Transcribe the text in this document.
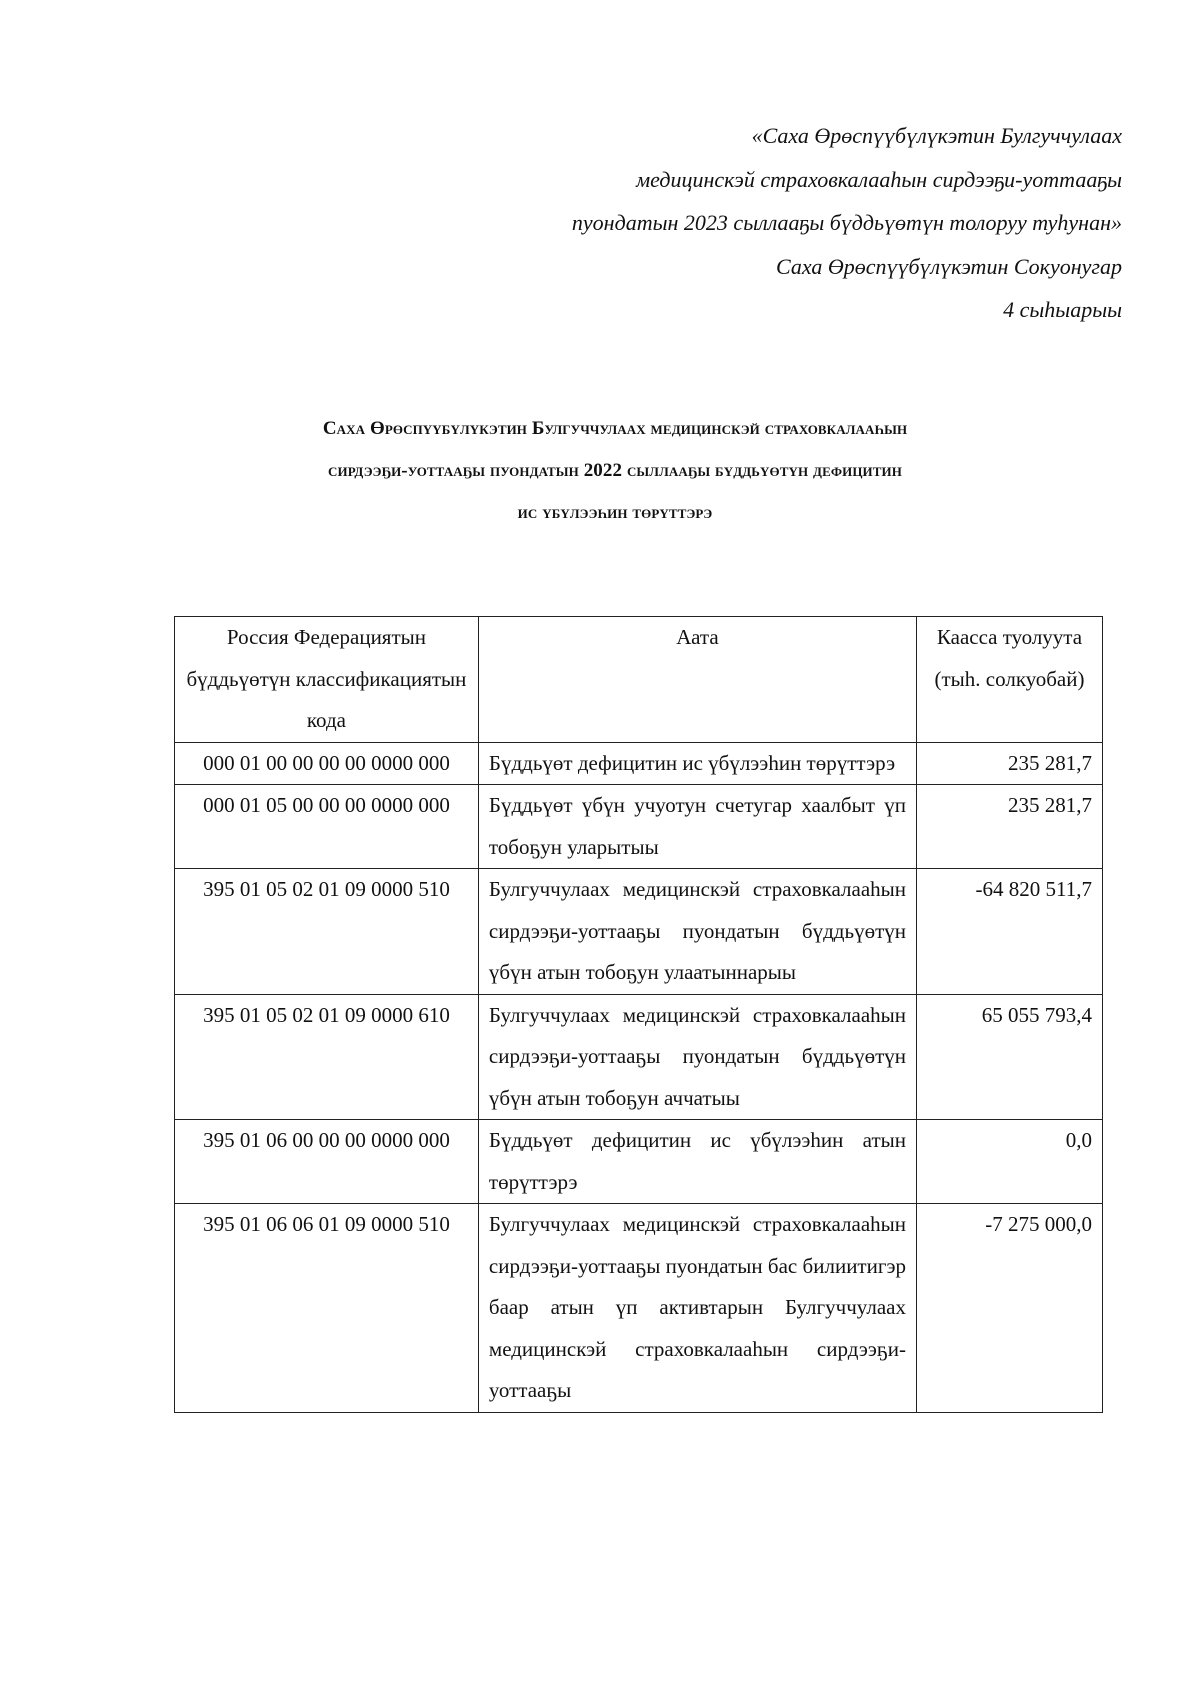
«Саха Өрөспүүбүлүкэтин Булгуччулаах
медицинскэй страховкалааһын сирдээҕи-уоттааҕы
пуондатын 2023 сыллааҕы бүддьүөтүн толоруу туһунан»
Саха Өрөспүүбүлүкэтин Сокуонугар
4 сыһыарыы
Саха Өрөспүүбүлүкэтин Булгуччулаах медицинскэй страховкалааһын
сирдээҕи-уоттааҕы пуондатын 2022 сыллааҕы бүддьүөтүн дефицитин
ис үбүлээһин төрүттэрэ
Россия Федерациятын бүддьүөтүн классификациятын кода	Аата	Каасса туолуута (тыһ. солкуобай)
000 01 00 00 00 00 0000 000	Бүддьүөт дефицитин ис үбүлээһин төрүттэрэ	235 281,7
000 01 05 00 00 00 0000 000	Бүддьүөт үбүн учуотун счетугар хаалбыт үп тобоҕун уларытыы	235 281,7
395 01 05 02 01 09 0000 510	Булгуччулаах медицинскэй страховкалааһын сирдээҕи-уоттааҕы пуондатын бүддьүөтүн үбүн атын тобоҕун улаатыннарыы	-64 820 511,7
395 01 05 02 01 09 0000 610	Булгуччулаах медицинскэй страховкалааһын сирдээҕи-уоттааҕы пуондатын бүддьүөтүн үбүн атын тобоҕун аччатыы	65 055 793,4
395 01 06 00 00 00 0000 000	Бүддьүөт дефицитин ис үбүлээһин атын төрүттэрэ	0,0
395 01 06 06 01 09 0000 510	Булгуччулаах медицинскэй страховкалааһын сирдээҕи-уоттааҕы пуондатын бас билиитигэр баар атын үп активтарын Булгуччулаах медицинскэй страховкалааһын сирдээҕи-уоттааҕы	-7 275 000,0
